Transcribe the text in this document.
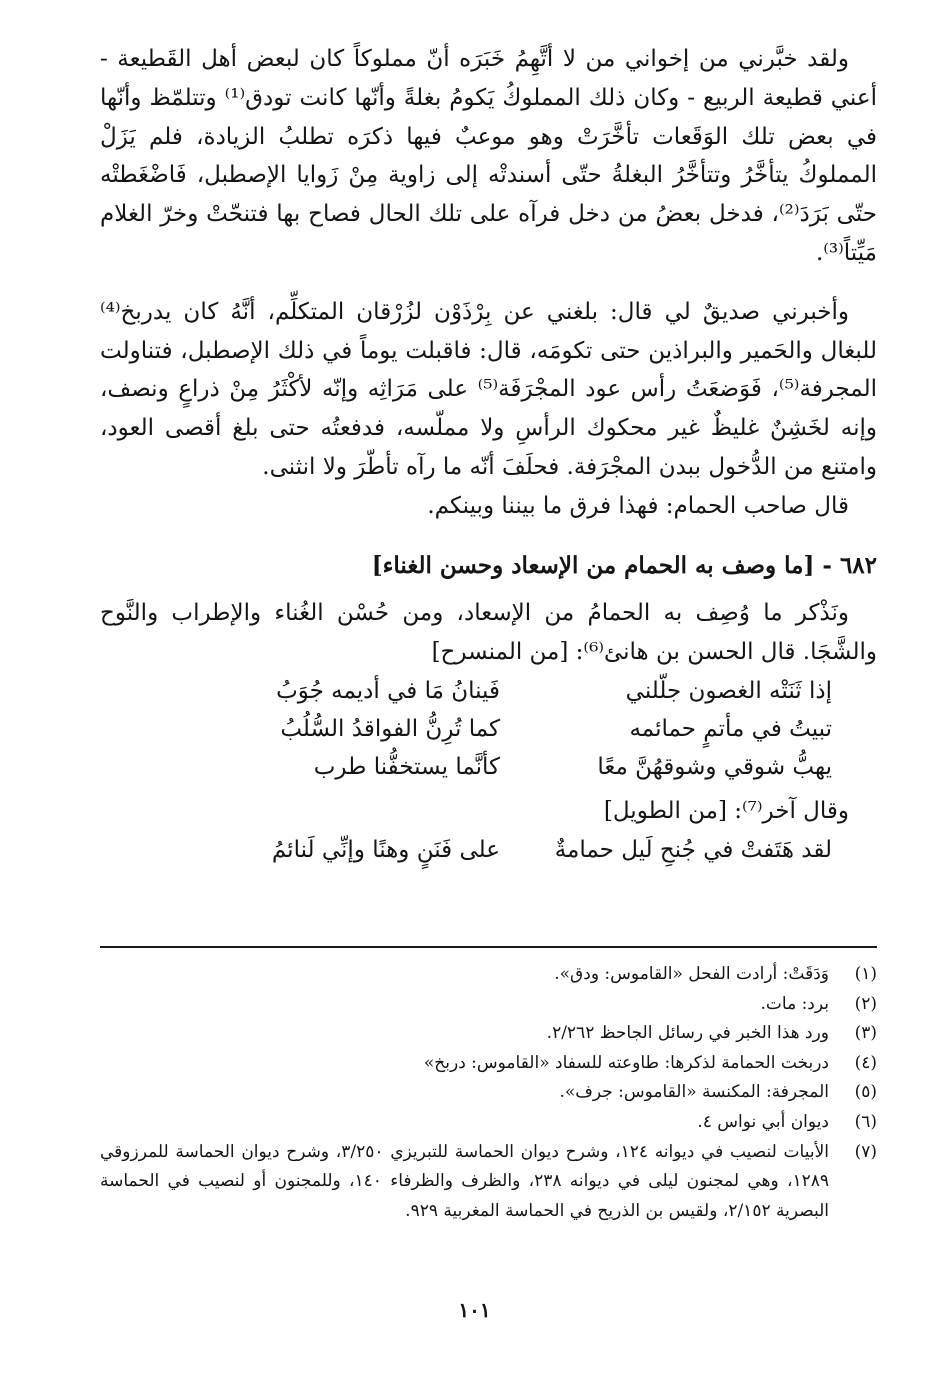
ولقد خبَّرني من إخواني من لا أتَّهِمُ خَبَرَه أنّ مملوكاً كان لبعض أهل القَطيعة - أعني قطيعة الربيع - وكان ذلك المملوكُ يَكومُ بغلةً وأنّها كانت تودق⁽¹⁾ وتتلمّظ وأنّها في بعض تلك الوَقَعات تأخَّرَتْ وهو موعبٌ فيها ذكرَه تطلبُ الزيادة، فلم يَزَلْ المملوكُ يتأخَّرُ وتتأخَّرُ البغلةُ حتّى أسندتْه إلى زاوية مِنْ زَوايا الإصطبل، فَاضْغَطتْه حتّى بَرَدَ⁽²⁾، فدخل بعضُ من دخل فرآه على تلك الحال فصاح بها فتنحّتْ وخرّ الغلام مَيِّتاً⁽³⁾.

وأخبرني صديقٌ لي قال: بلغني عن بِرْذَوْن لزُرْقان المتكلِّم، أنَّهُ كان يدربخ⁽⁴⁾ للبغال والحَمير والبراذين حتى تكومَه، قال: فاقبلت يوماً في ذلك الإصطبل، فتناولت المجرفة⁽⁵⁾، فَوَضعَتُ رأس عود المجْرَفَة⁽⁵⁾ على مَرَاثِه وإنّه لأكْثَرُ مِنْ ذراعٍ ونصف، وإنه لخَشِنٌ غليظٌ غير محكوك الرأسِ ولا مملّسه، فدفعتُه حتى بلغ أقصى العود، وامتنع من الدُّخول ببدن المجْرَفة. فحلَفَ أنّه ما رآه تأطّرَ ولا انثنى.

قال صاحب الحمام: فهذا فرق ما بيننا وبينكم.

٦٨٢ - [ما وصف به الحمام من الإسعاد وحسن الغناء]

ونَذْكر ما وُصِف به الحمامُ من الإسعاد، ومن حُسْن الغُناء والإطراب والنَّوح والشَّجَا. قال الحسن بن هانئ⁽⁶⁾: [من المنسرح]

إذا ثَنَتْه الغصون جلّلني
فَينانُ مَا في أديمه جُوَبُ
تبيتُ في مأتمٍ حمائمه
كما تُرِنُّ الفواقدُ السُّلُبُ
يهبُّ شوقي وشوقهُنَّ معًا
كأنَّما يستخفُّنا طرب

وقال آخر⁽⁷⁾: [من الطويل]

لقد هَتَفتْ في جُنحِ لَيل حمامةٌ
على فَنَنٍ وهنًا وإنِّي لَنائمُ

(١)
وَدَقَتْ: أرادت الفحل «القاموس: ودق».

(٢)
برد: مات.

(٣)
ورد هذا الخبر في رسائل الجاحظ ٢/٢٦٢.

(٤)
دربخت الحمامة لذكرها: طاوعته للسفاد «القاموس: دربخ»

(٥)
المجرفة: المكنسة «القاموس: جرف».

(٦)
ديوان أبي نواس ٤.

(٧)
الأبيات لنصيب في ديوانه ١٢٤، وشرح ديوان الحماسة للتبريزي ٣/٢٥٠، وشرح ديوان الحماسة للمرزوقي ١٢٨٩، وهي لمجنون ليلى في ديوانه ٢٣٨، والظرف والظرفاء ١٤٠، وللمجنون أو لنصيب في الحماسة البصرية ٢/١٥٢، ولقيس بن الذريح في الحماسة المغربية ٩٢٩.

١٠١
